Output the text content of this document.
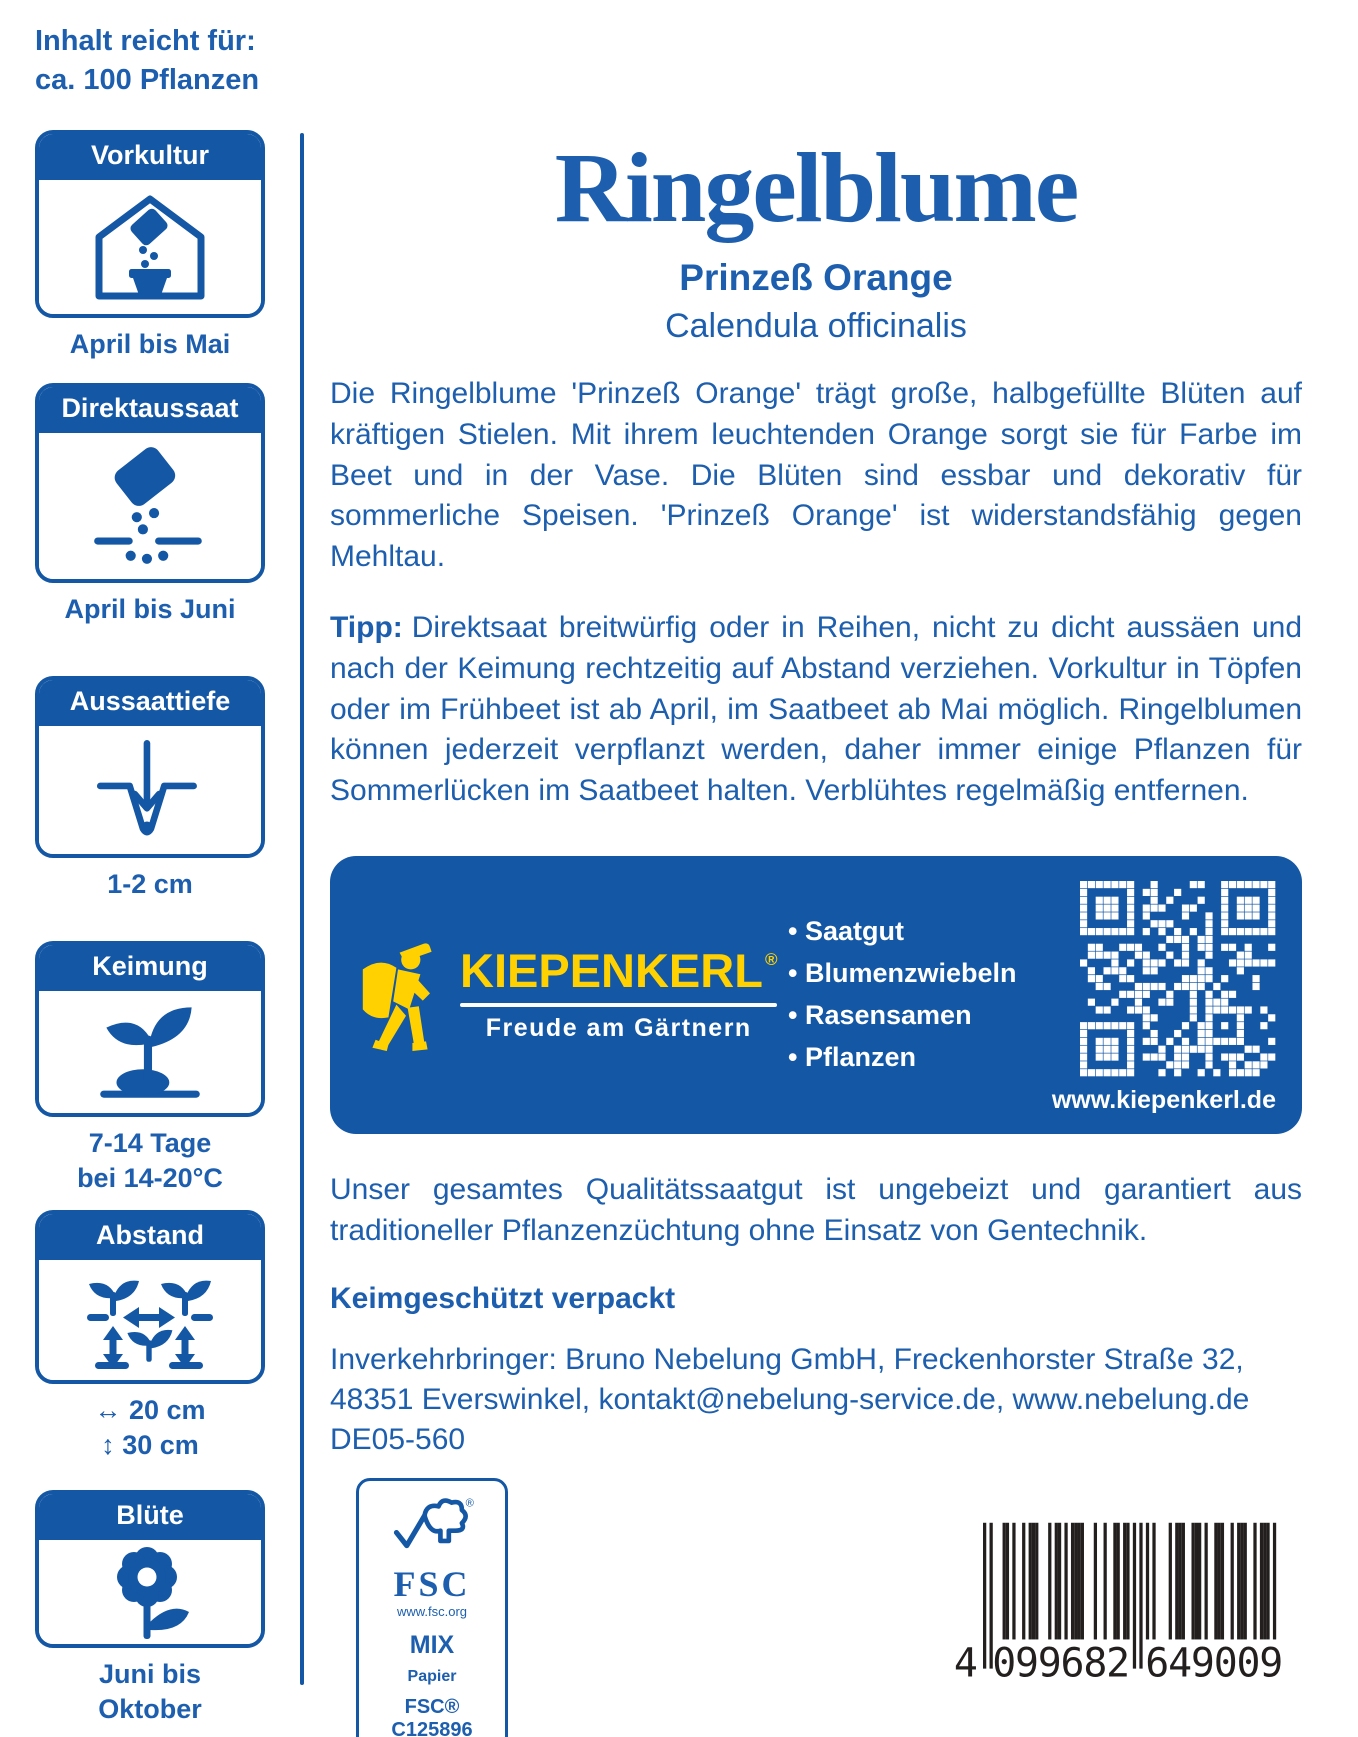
Inhalt reicht für:
ca. 100 Pflanzen
Vorkultur
April bis Mai
Direktaussaat
April bis Juni
Aussaattiefe
1-2 cm
Keimung
7-14 Tage
bei 14-20°C
Abstand
↔ 20 cm
↕ 30 cm
Blüte
Juni bis
Oktober
Ringelblume
Prinzeß Orange
Calendula officinalis

Die Ringelblume 'Prinzeß Orange' trägt große, halbgefüllte Blüten auf kräftigen Stielen. Mit ihrem leuchtenden Orange sorgt sie für Farbe im Beet und in der Vase. Die Blüten sind essbar und dekorativ für sommerliche Speisen. 'Prinzeß Orange' ist widerstandsfähig gegen Mehltau.

Tipp: Direktsaat breitwürfig oder in Reihen, nicht zu dicht aussäen und nach der Keimung rechtzeitig auf Abstand verziehen. Vorkultur in Töpfen oder im Frühbeet ist ab April, im Saatbeet ab Mai möglich. Ringelblumen können jederzeit verpflanzt werden, daher immer einige Pflanzen für Sommerlücken im Saatbeet halten. Verblühtes regelmäßig entfernen.

KIEPENKERL ®
Freude am Gärtnern
• Saatgut
• Blumenzwiebeln
• Rasensamen
• Pflanzen
www.kiepenkerl.de

Unser gesamtes Qualitätssaatgut ist ungebeizt und garantiert aus traditioneller Pflanzenzüchtung ohne Einsatz von Gentechnik.

Keimgeschützt verpackt
Inverkehrbringer: Bruno Nebelung GmbH, Freckenhorster Straße 32,
48351 Everswinkel, kontakt@nebelung-service.de, www.nebelung.de
DE05-560
®
FSC
www.fsc.org
MIX
Papier
FSC® C125896
4 0
9
9
6
8
2 6
4
9
0
0
9
